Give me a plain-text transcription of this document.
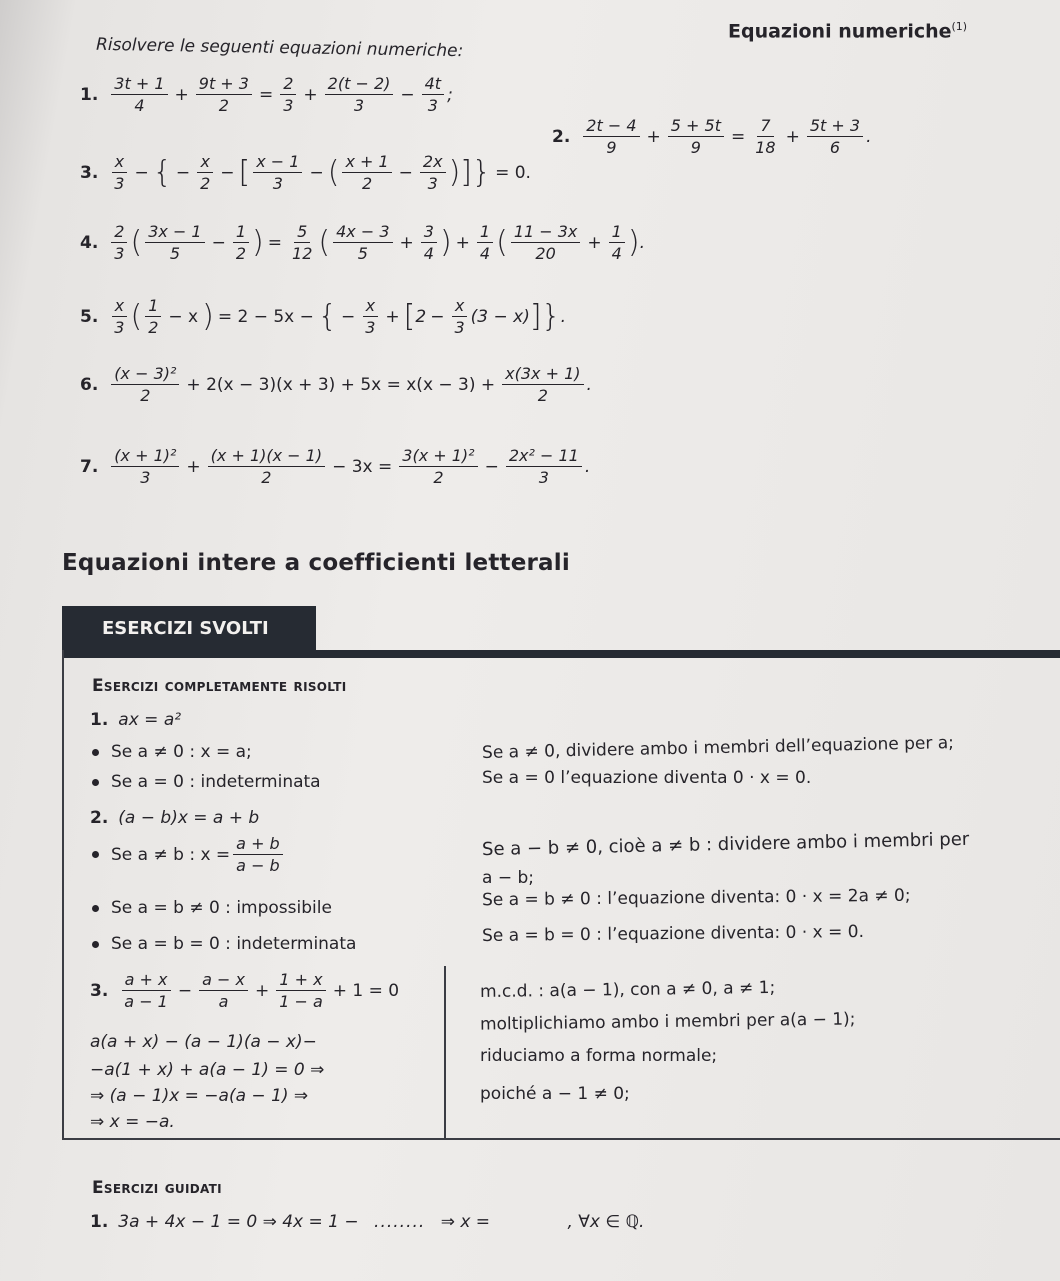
Equazioni numeriche$^{(1)}$
Risolvere le seguenti equazioni numeriche:
1. $\frac{3t + 1}{4} + \frac{9t + 3}{2} = \frac{2}{3} + \frac{2(t - 2)}{3} - \frac{4t}{3}$ ;
2. $\frac{2t - 4}{9} + \frac{5 + 5t}{9} = \frac{7}{18} + \frac{5t + 3}{6}$ .
3. $\frac{x}{3}$ − { − $\frac{x}{2}$ − [ $\frac{x - 1}{3}$ − ( $\frac{x + 1}{2} - \frac{2x}{3}$ )]} = 0.
4. $\frac{2}{3}$ ( $\frac{3x - 1}{5} - \frac{1}{2}$ ) = $\frac{5}{12}$ ( $\frac{4x - 3}{5} + \frac{3}{4}$ ) + $\frac{1}{4}$ ( $\frac{11 - 3x}{20} + \frac{1}{4}$ ) .
5. $\frac{x}{3}$ ( $\frac{1}{2} - x$ ) = 2 − 5x − { − $\frac{x}{3}$ + [ $2 - \frac{x}{3} (3 - x)$ ]} .
6. $\frac{\text{(x − 3)²}}{2} + 2(x - 3)(x + 3) + 5x = x(x - 3) + \frac{x(3x + 1)}{2}$ .
7. $\frac{\text{(x + 1)²}}{3} + \frac{(x + 1)(x - 1)}{2} - 3x = \frac{\text{3(x + 1)²}}{2} - \frac{\text{2x² − 11}}{3}$ .
Equazioni intere a coefficienti letterali
ESERCIZI SVOLTI
Esercizi completamente risolti
1. ax = a²
Se a ≠ 0 : x = a;
Se a = 0 : indeterminata
Se a ≠ 0, dividere ambo i membri dell’equazione per a;
Se a = 0 l’equazione diventa 0 · x = 0.
2. (a − b)x = a + b
Se a ≠ b : $x = \frac{a + b}{a - b}$
Se a = b ≠ 0 : impossibile
Se a = b = 0 : indeterminata
Se a − b ≠ 0, cioè a ≠ b : dividere ambo i membri per
a − b;
Se a = b ≠ 0 : l’equazione diventa: 0 · x = 2a ≠ 0;
Se a = b = 0 : l’equazione diventa: 0 · x = 0.
3. $\frac{a + x}{a - 1} - \frac{a - x}{a} + \frac{1 + x}{1 - a} + 1 = 0$
a(a + x) − (a − 1)(a − x)−
−a(1 + x) + a(a − 1) = 0 ⇒
⇒ (a − 1)x = −a(a − 1) ⇒
⇒ x = −a.
m.c.d. : a(a − 1), con a ≠ 0, a ≠ 1;
moltiplichiamo ambo i membri per a(a − 1);
riduciamo a forma normale;
poiché a − 1 ≠ 0;
Esercizi guidati
1. 3a + 4x − 1 = 0 ⇒ 4x = 1 − ........ ⇒ x =	, ∀x ∈ ℚ.
